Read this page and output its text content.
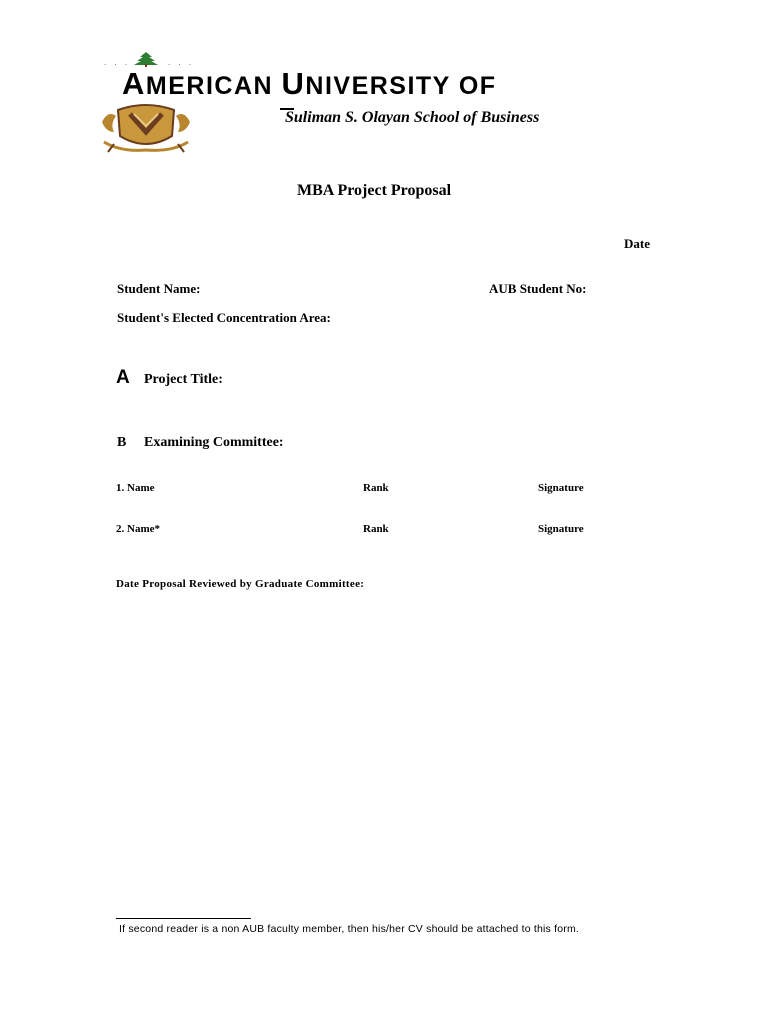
. . .	. . .
AMERICAN UNIVERSITY OF
Suliman S. Olayan School of Business
MBA Project Proposal
Date
Student Name:	AUB Student No:
Student's Elected Concentration Area:
A Project Title:
B Examining Committee:
1. Name	Rank	Signature
2. Name*	Rank	Signature
Date Proposal Reviewed by Graduate Committee:
If second reader is a non AUB faculty member, then his/her CV should be attached to this form.
